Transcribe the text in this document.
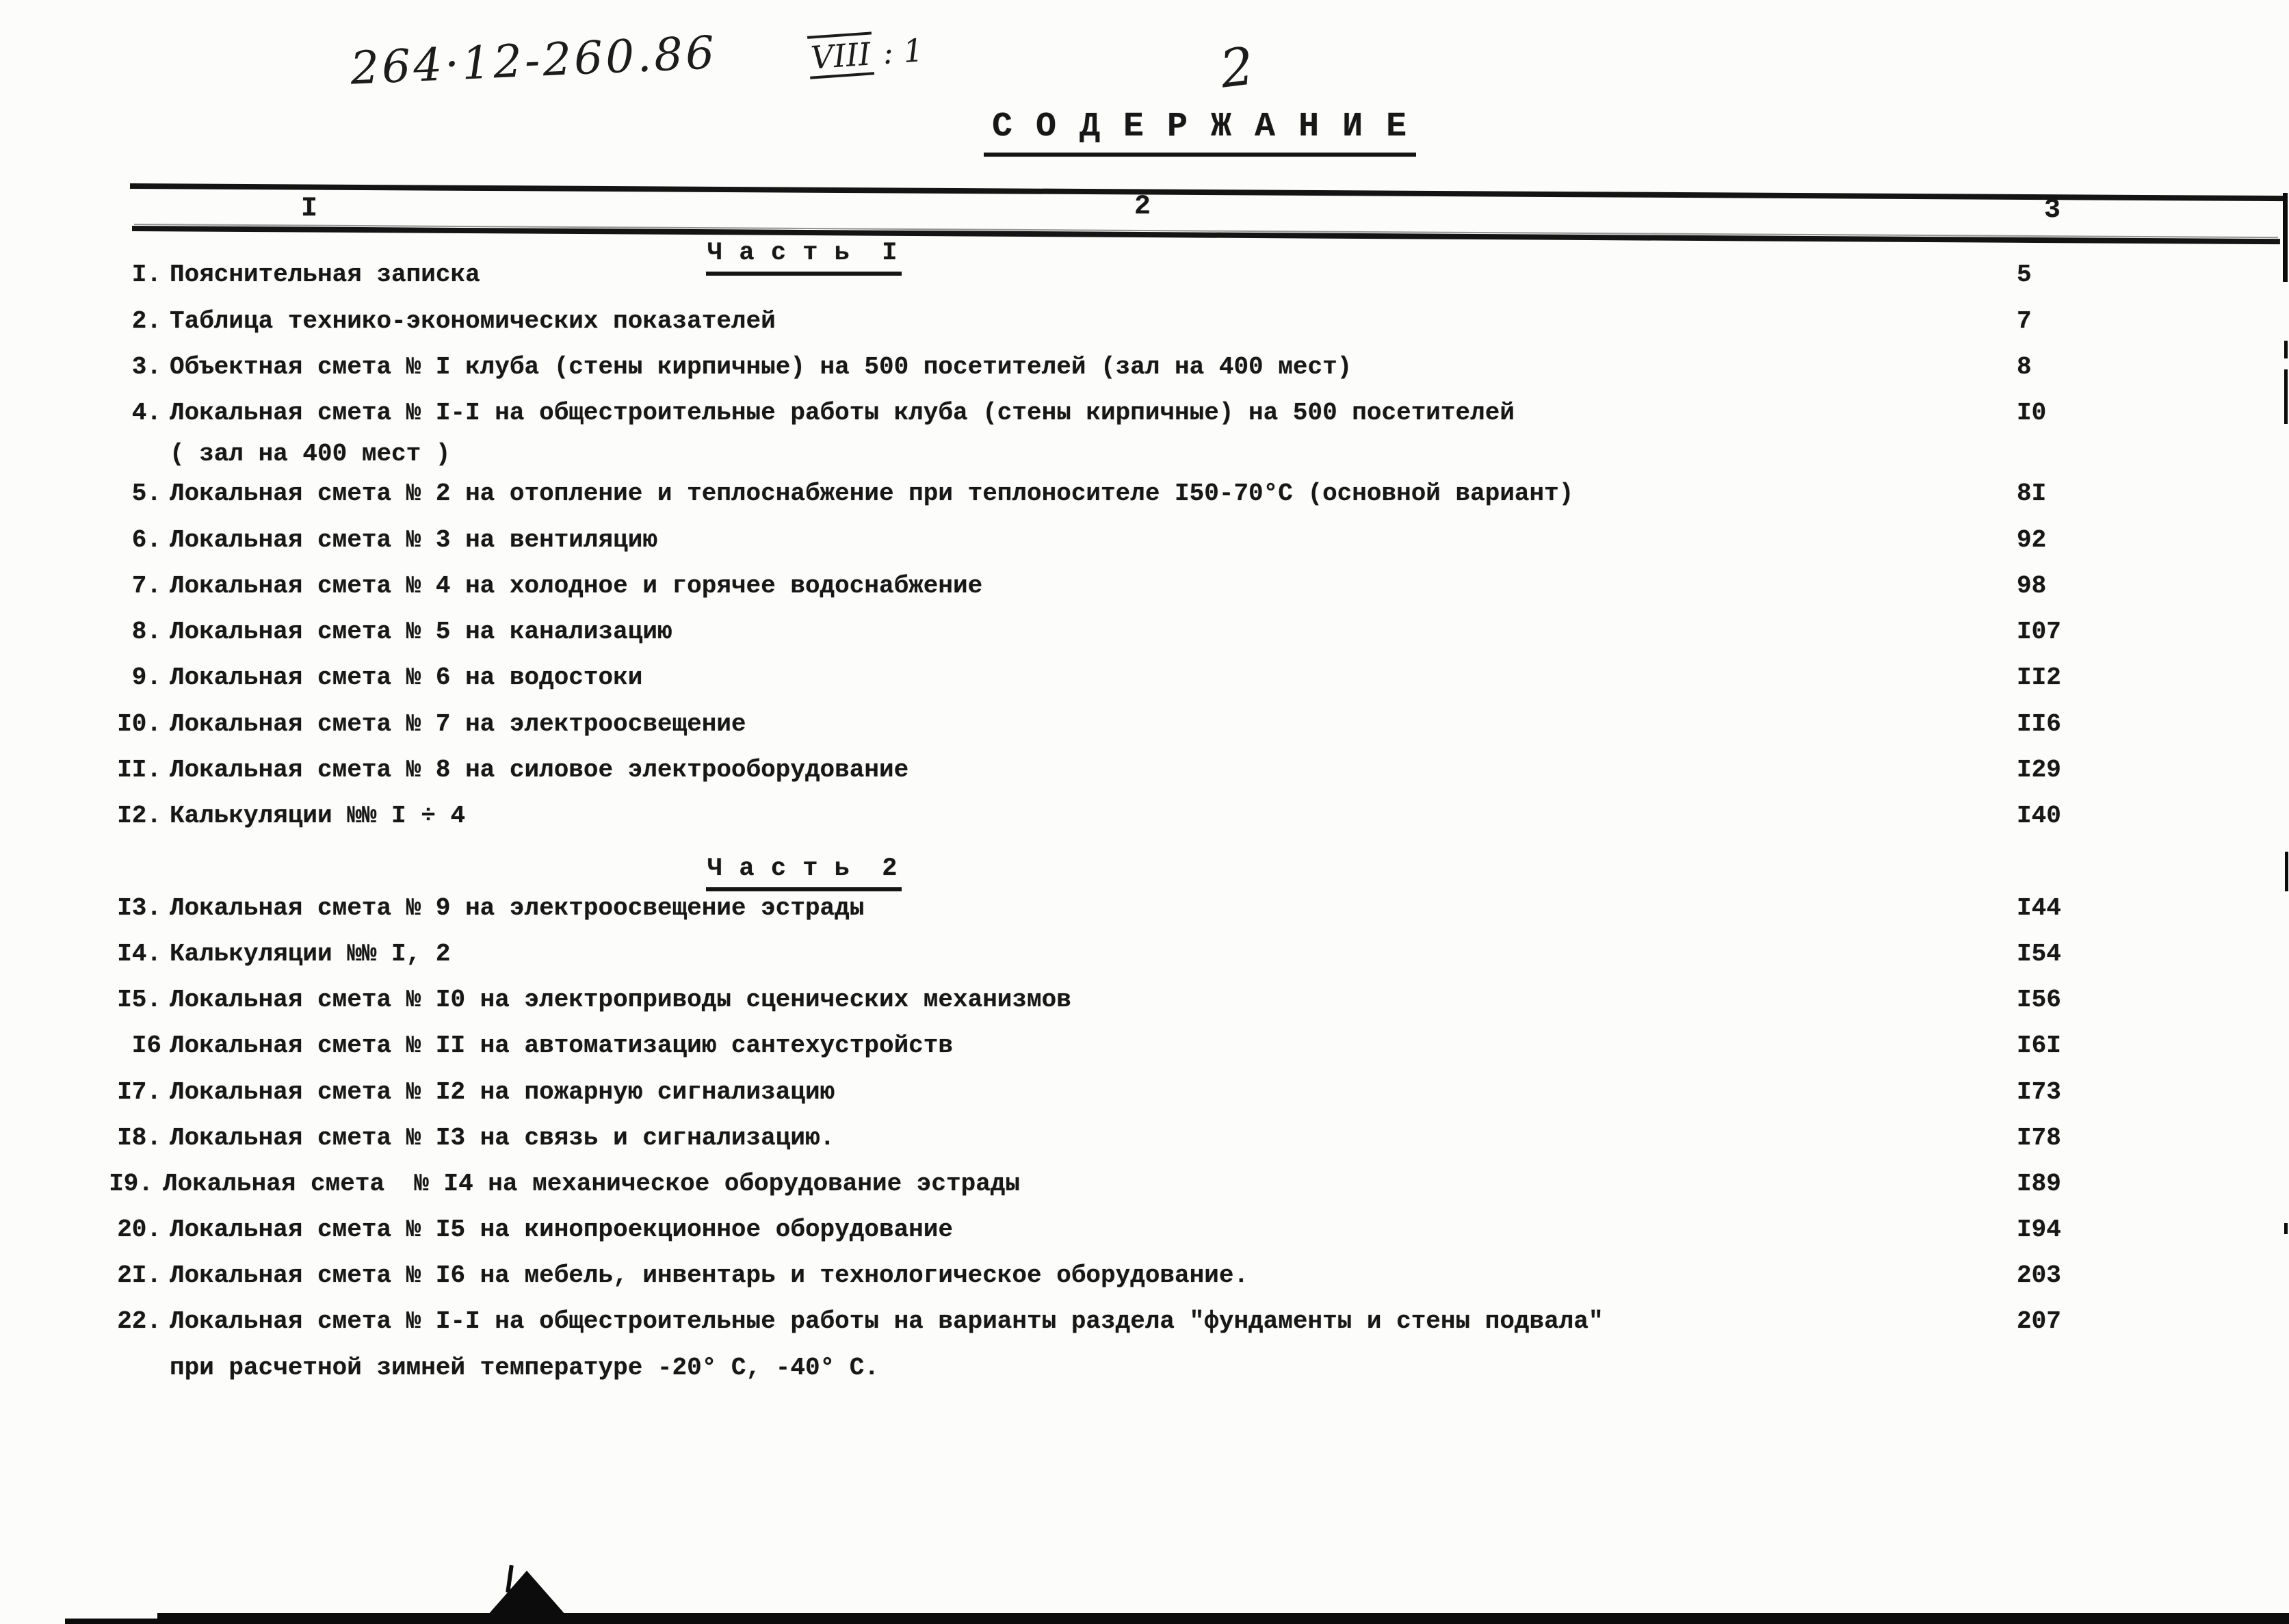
264·12-260.86	VIII : 1	2
С О Д Е Р Ж А Н И Е
I	2	3
Ч а с т ь  I
I. Пояснительная записка	5
2. Таблица технико-экономических показателей	7
3. Объектная смета № I клуба (стены кирпичные) на 500 посетителей (зал на 400 мест)	8
4. Локальная смета № I-I на общестроительные работы клуба (стены кирпичные) на 500 посетителей	I0
( зал на 400 мест )
5. Локальная смета № 2 на отопление и теплоснабжение при теплоносителе I50-70°С (основной вариант)	8I
6. Локальная смета № 3 на вентиляцию	92
7. Локальная смета № 4 на холодное и горячее водоснабжение	98
8. Локальная смета № 5 на канализацию	I07
9. Локальная смета № 6 на водостоки	II2
I0. Локальная смета № 7 на электроосвещение	II6
II. Локальная смета № 8 на силовое электрооборудование	I29
I2. Калькуляции №№ I ÷ 4	I40
Ч а с т ь  2
I3. Локальная смета № 9 на электроосвещение эстрады	I44
I4. Калькуляции №№ I, 2	I54
I5. Локальная смета № I0 на электроприводы сценических механизмов	I56
I6 Локальная смета № II на автоматизацию сантехустройств	I6I
I7. Локальная смета № I2 на пожарную сигнализацию	I73
I8. Локальная смета № I3 на связь и сигнализацию.	I78
I9. Локальная смета  № I4 на механическое оборудование эстрады	I89
20. Локальная смета № I5 на кинопроекционное оборудование	I94
2I. Локальная смета № I6 на мебель, инвентарь и технологическое оборудование.	203
22. Локальная смета № I-I на общестроительные работы на варианты раздела "фундаменты и стены подвала"	207
при расчетной зимней температуре -20° С, -40° С.
